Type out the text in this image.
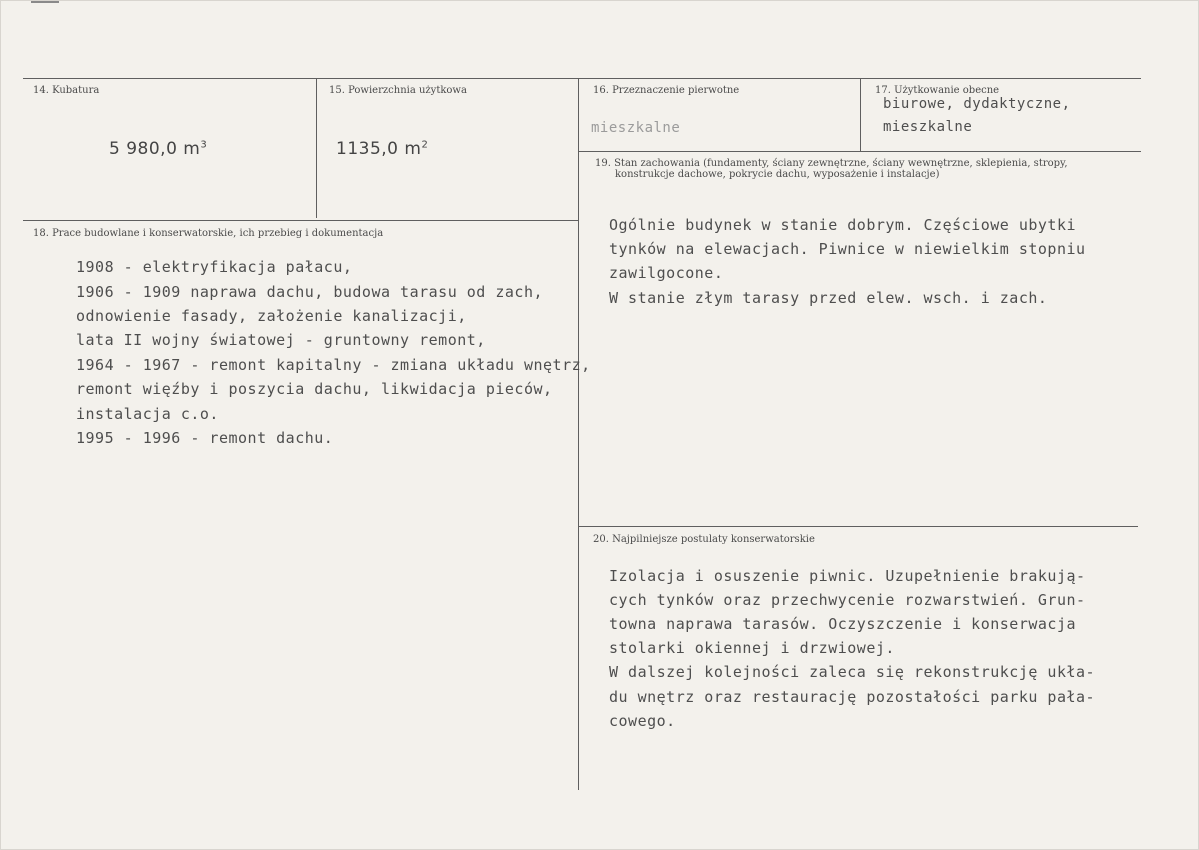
14. Kubatura
5 980,0 $m^3$
15. Powierzchnia użytkowa
1135,0 $m^2$
16. Przeznaczenie pierwotne
mieszkalne
17. Użytkowanie obecne
biurowe, dydaktyczne,
mieszkalne
19. Stan zachowania (fundamenty, ściany zewnętrzne, ściany wewnętrzne, sklepienia, stropy,
konstrukcje dachowe, pokrycie dachu, wyposażenie i instalacje)
Ogólnie budynek w stanie dobrym. Częściowe ubytki
tynków na elewacjach. Piwnice w niewielkim stopniu
zawilgocone.
W stanie złym tarasy przed elew. wsch. i zach.
18. Prace budowlane i konserwatorskie, ich przebieg i dokumentacja
1908 - elektryfikacja pałacu,
1906 - 1909 naprawa dachu, budowa tarasu od zach,
odnowienie fasady, założenie kanalizacji,
lata II wojny światowej - gruntowny remont,
1964 - 1967 - remont kapitalny - zmiana układu wnętrz,
remont więźby i poszycia dachu, likwidacja pieców,
instalacja c.o.
1995 - 1996 - remont dachu.
20. Najpilniejsze postulaty konserwatorskie
Izolacja i osuszenie piwnic. Uzupełnienie brakują-
cych tynków oraz przechwycenie rozwarstwień. Grun-
towna naprawa tarasów. Oczyszczenie i konserwacja
stolarki okiennej i drzwiowej.
W dalszej kolejności zaleca się rekonstrukcję ukła-
du wnętrz oraz restaurację pozostałości parku pała-
cowego.
